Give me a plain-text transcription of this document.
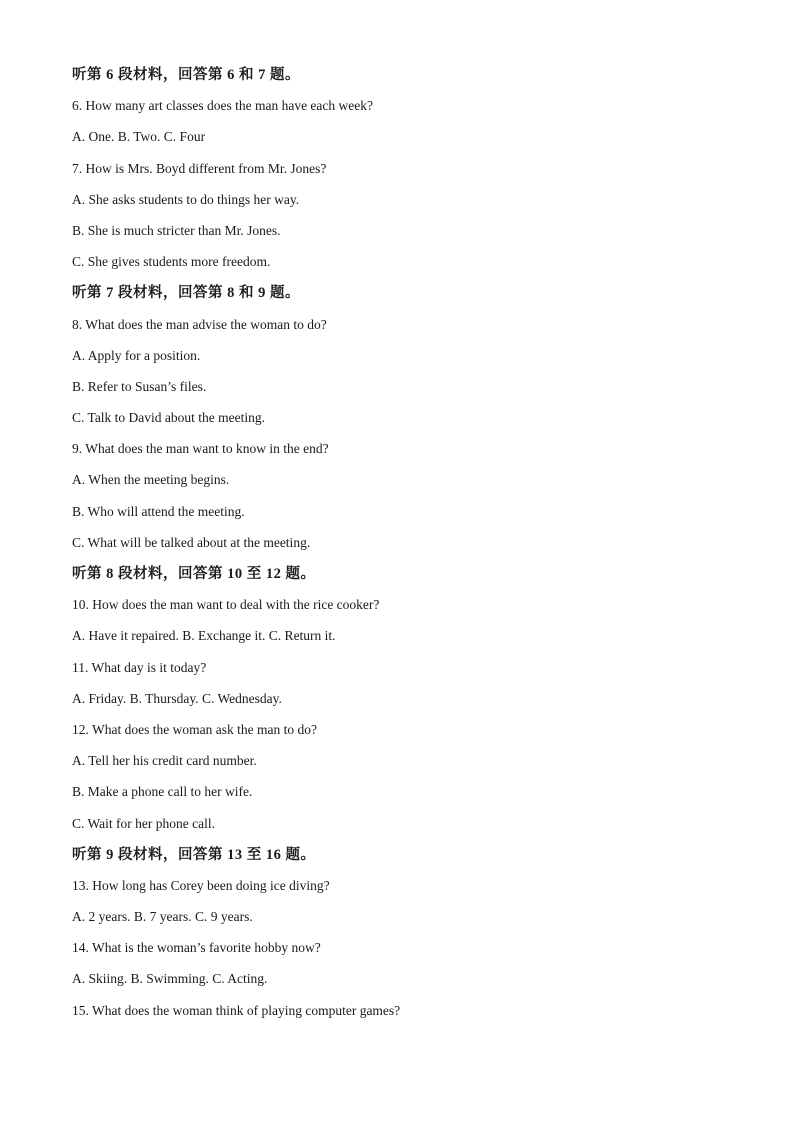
听第 6 段材料，回答第 6 和 7 题。
6. How many art classes does the man have each week?
A. One. B. Two. C. Four
7. How is Mrs. Boyd different from Mr. Jones?
A. She asks students to do things her way.
B. She is much stricter than Mr. Jones.
C. She gives students more freedom.
听第 7 段材料，回答第 8 和 9 题。
8. What does the man advise the woman to do?
A. Apply for a position.
B. Refer to Susan’s files.
C. Talk to David about the meeting.
9. What does the man want to know in the end?
A. When the meeting begins.
B. Who will attend the meeting.
C. What will be talked about at the meeting.
听第 8 段材料，回答第 10 至 12 题。
10. How does the man want to deal with the rice cooker?
A. Have it repaired. B. Exchange it. C. Return it.
11. What day is it today?
A. Friday. B. Thursday. C. Wednesday.
12. What does the woman ask the man to do?
A. Tell her his credit card number.
B. Make a phone call to her wife.
C. Wait for her phone call.
听第 9 段材料，回答第 13 至 16 题。
13. How long has Corey been doing ice diving?
A. 2 years. B. 7 years. C. 9 years.
14. What is the woman’s favorite hobby now?
A. Skiing. B. Swimming. C. Acting.
15. What does the woman think of playing computer games?
